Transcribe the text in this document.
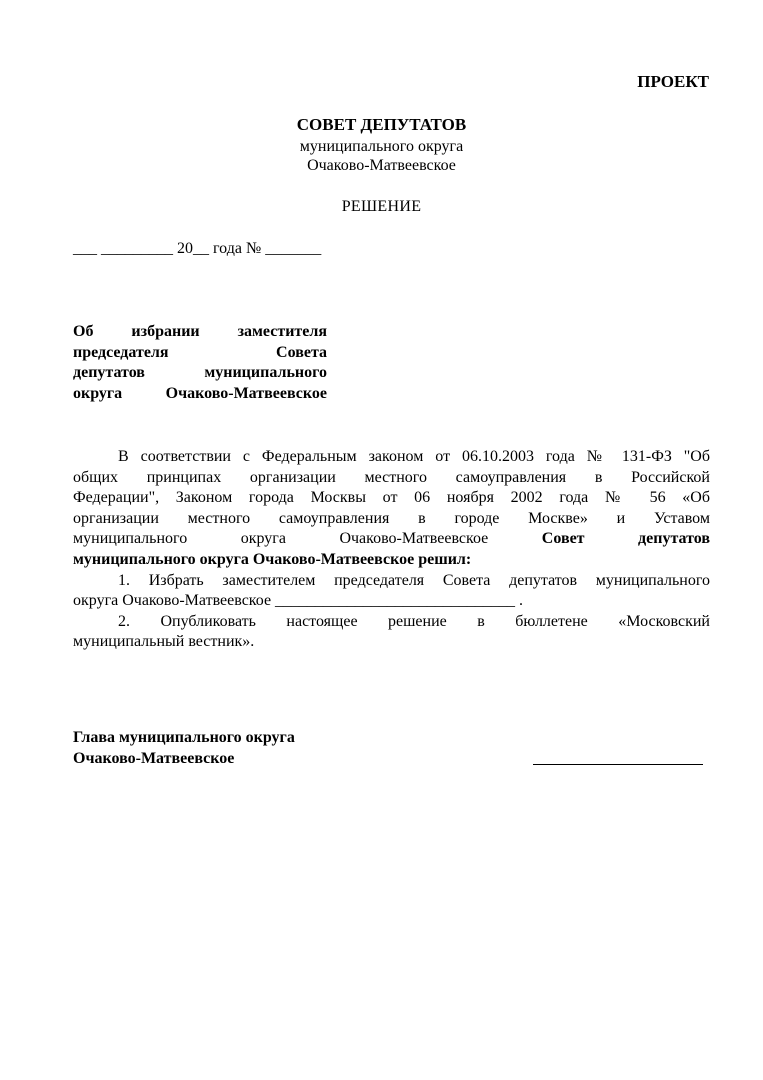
ПРОЕКТ
СОВЕТ ДЕПУТАТОВ
муниципального округа
Очаково-Матвеевское
РЕШЕНИЕ
___ _________ 20__ года № _______
Об избрании заместителя
председателя Совета
депутатов муниципального
округа Очаково-Матвеевское
В соответствии с Федеральным законом от 06.10.2003 года № 131-ФЗ "Об
общих принципах организации местного самоуправления в Российской
Федерации", Законом города Москвы от 06 ноября 2002 года № 56 «Об
организации местного самоуправления в городе Москве» и Уставом
муниципального округа Очаково-Матвеевское	Совет депутатов
муниципального округа Очаково-Матвеевское решил:
1. Избрать заместителем председателя Совета депутатов муниципального
округа Очаково-Матвеевское ______________________________ .
2. Опубликовать настоящее решение в бюллетене «Московский
муниципальный вестник».
Глава муниципального округа
Очаково-Матвеевское
